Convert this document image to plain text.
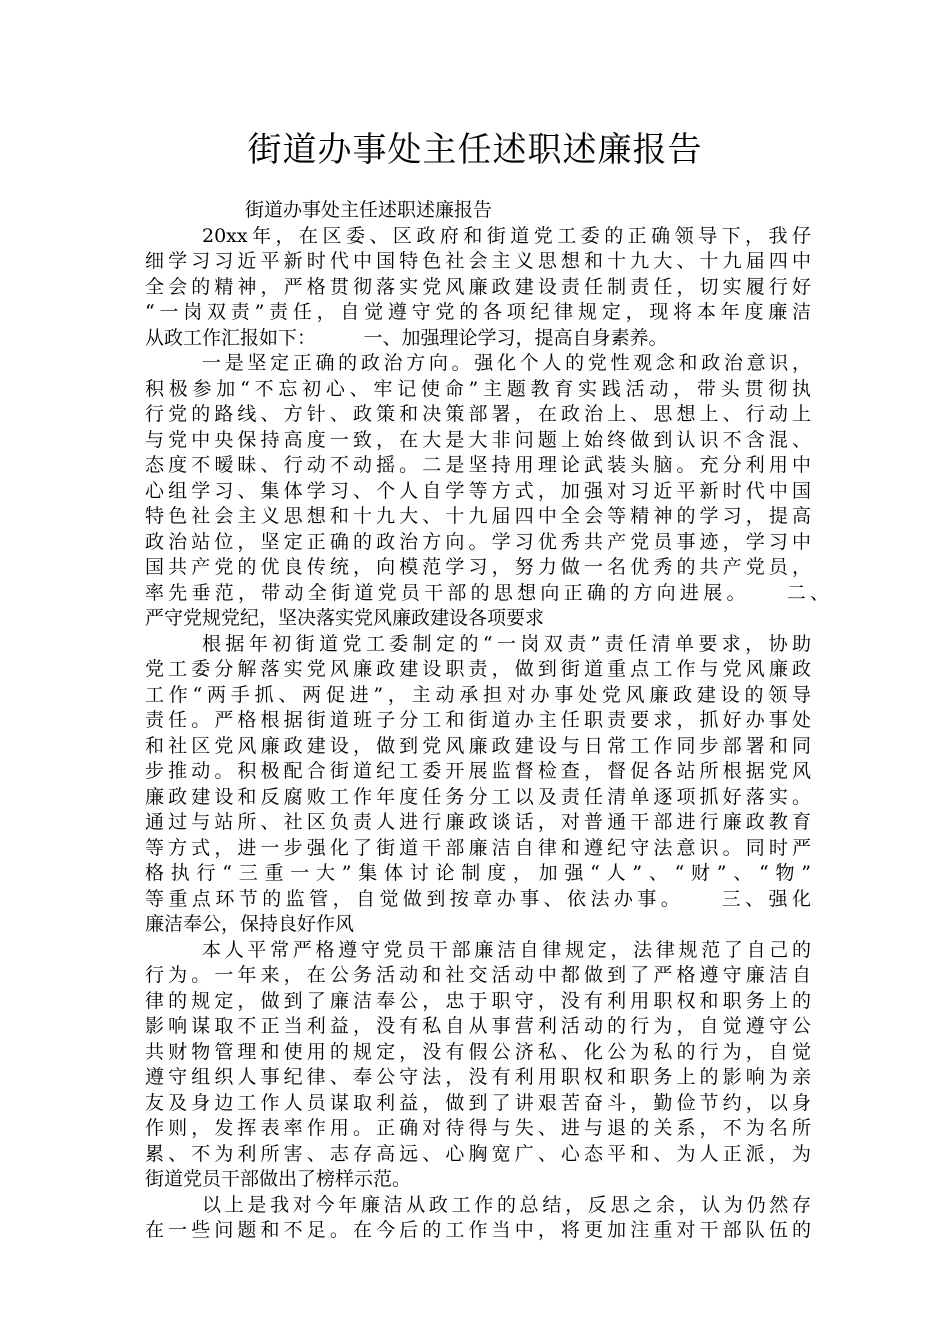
街道办事处主任述职述廉报告
街道办事处主任述职述廉报告
20xx年，在区委、区政府和街道党工委的正确领导下，我仔
细学习习近平新时代中国特色社会主义思想和十九大、十九届四中
全会的精神，严格贯彻落实党风廉政建设责任制责任，切实履行好
“一岗双责”责任，自觉遵守党的各项纪律规定，现将本年度廉洁
从政工作汇报如下：　　　一、加强理论学习，提高自身素养。
一是坚定正确的政治方向。强化个人的党性观念和政治意识，
积极参加“不忘初心、牢记使命”主题教育实践活动，带头贯彻执
行党的路线、方针、政策和决策部署，在政治上、思想上、行动上
与党中央保持高度一致，在大是大非问题上始终做到认识不含混、
态度不暧昧、行动不动摇。二是坚持用理论武装头脑。充分利用中
心组学习、集体学习、个人自学等方式，加强对习近平新时代中国
特色社会主义思想和十九大、十九届四中全会等精神的学习，提高
政治站位，坚定正确的政治方向。学习优秀共产党员事迹，学习中
国共产党的优良传统，向模范学习，努力做一名优秀的共产党员，
率先垂范，带动全街道党员干部的思想向正确的方向进展。　　二、
严守党规党纪，坚决落实党风廉政建设各项要求
根据年初街道党工委制定的“一岗双责”责任清单要求，协助
党工委分解落实党风廉政建设职责，做到街道重点工作与党风廉政
工作“两手抓、两促进”，主动承担对办事处党风廉政建设的领导
责任。严格根据街道班子分工和街道办主任职责要求，抓好办事处
和社区党风廉政建设，做到党风廉政建设与日常工作同步部署和同
步推动。积极配合街道纪工委开展监督检查，督促各站所根据党风
廉政建设和反腐败工作年度任务分工以及责任清单逐项抓好落实。
通过与站所、社区负责人进行廉政谈话，对普通干部进行廉政教育
等方式，进一步强化了街道干部廉洁自律和遵纪守法意识。同时严
格执行“三重一大”集体讨论制度，加强“人”、“财”、“物”
等重点环节的监管，自觉做到按章办事、依法办事。　　三、强化
廉洁奉公，保持良好作风
本人平常严格遵守党员干部廉洁自律规定，法律规范了自己的
行为。一年来，在公务活动和社交活动中都做到了严格遵守廉洁自
律的规定，做到了廉洁奉公，忠于职守，没有利用职权和职务上的
影响谋取不正当利益，没有私自从事营利活动的行为，自觉遵守公
共财物管理和使用的规定，没有假公济私、化公为私的行为，自觉
遵守组织人事纪律、奉公守法，没有利用职权和职务上的影响为亲
友及身边工作人员谋取利益，做到了讲艰苦奋斗，勤俭节约，以身
作则，发挥表率作用。正确对待得与失、进与退的关系，不为名所
累、不为利所害、志存高远、心胸宽广、心态平和、为人正派，为
街道党员干部做出了榜样示范。
以上是我对今年廉洁从政工作的总结，反思之余，认为仍然存
在一些问题和不足。在今后的工作当中，将更加注重对干部队伍的
